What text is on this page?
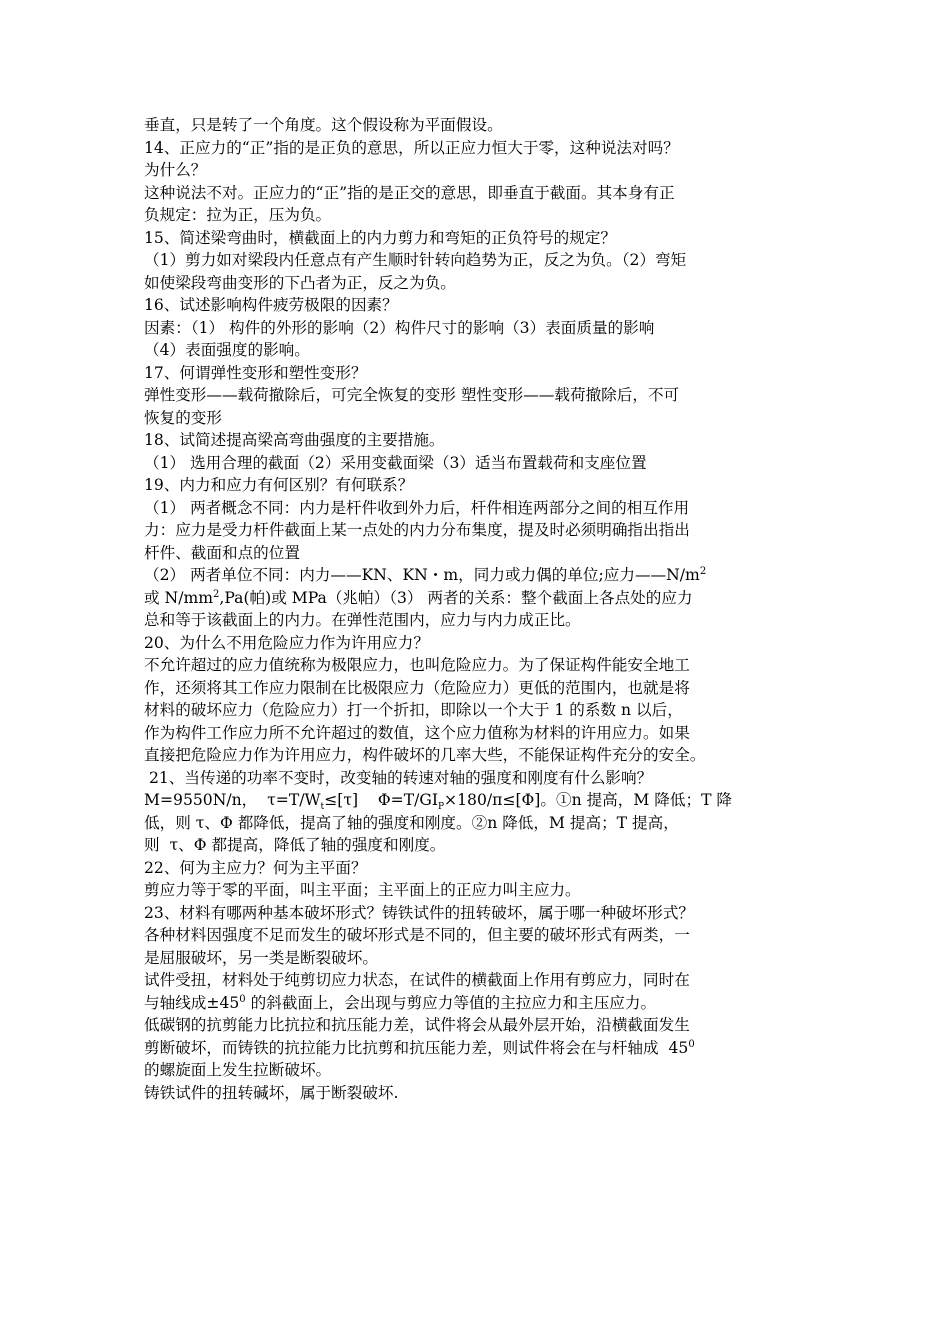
垂直，只是转了一个角度。这个假设称为平面假设。
14、正应力的“正”指的是正负的意思，所以正应力恒大于零，这种说法对吗？
为什么？
这种说法不对。正应力的“正”指的是正交的意思，即垂直于截面。其本身有正
负规定：拉为正，压为负。
15、简述梁弯曲时，横截面上的内力剪力和弯矩的正负符号的规定？
（1）剪力如对梁段内任意点有产生顺时针转向趋势为正，反之为负。（2）弯矩
如使梁段弯曲变形的下凸者为正，反之为负。
16、试述影响构件疲劳极限的因素？
因素：（1） 构件的外形的影响（2）构件尺寸的影响（3）表面质量的影响
（4）表面强度的影响。
17、何谓弹性变形和塑性变形？
弹性变形——载荷撤除后，可完全恢复的变形 塑性变形——载荷撤除后，不可
恢复的变形
18、试简述提高梁高弯曲强度的主要措施。
（1） 选用合理的截面（2）采用变截面梁（3）适当布置载荷和支座位置
19、内力和应力有何区别？有何联系？
（1） 两者概念不同：内力是杆件收到外力后，杆件相连两部分之间的相互作用
力：应力是受力杆件截面上某一点处的内力分布集度，提及时必须明确指出指出
杆件、截面和点的位置
（2） 两者单位不同：内力——KN、KN・m，同力或力偶的单位;应力$——N/m^2$
或 $N/mm^2,Pa$(帕)或 MPa（兆帕）（3） 两者的关系：整个截面上各点处的应力
总和等于该截面上的内力。在弹性范围内，应力与内力成正比。
20、为什么不用危险应力作为许用应力？
不允许超过的应力值统称为极限应力，也叫危险应力。为了保证构件能安全地工
作，还须将其工作应力限制在比极限应力（危险应力）更低的范围内，也就是将
材料的破坏应力（危险应力）打一个折扣，即除以一个大于 1 的系数 n 以后，
作为构件工作应力所不允许超过的数值，这个应力值称为材料的许用应力。如果
直接把危险应力作为许用应力，构件破坏的几率大些，不能保证构件充分的安全。
21、当传递的功率不变时，改变轴的转速对轴的强度和刚度有什么影响？
M=9550N/n，  $\tau=T/W_t\le[\tau]$    $\Phi=T/GI_P\times 180/\pi\le[\Phi]$。①n 提高，M 降低；T 降
低，则 τ、Φ 都降低，提高了轴的强度和刚度。②n 降低，M 提高；T 提高，
则  τ、Φ 都提高，降低了轴的强度和刚度。
22、何为主应力？何为主平面？
剪应力等于零的平面，叫主平面；主平面上的正应力叫主应力。
23、材料有哪两种基本破坏形式？铸铁试件的扭转破坏，属于哪一种破坏形式？
各种材料因强度不足而发生的破坏形式是不同的，但主要的破坏形式有两类，一
是屈服破坏，另一类是断裂破坏。
试件受扭，材料处于纯剪切应力状态，在试件的横截面上作用有剪应力，同时在
与轴线成$\pm 45^0$ 的斜截面上，会出现与剪应力等值的主拉应力和主压应力。
低碳钢的抗剪能力比抗拉和抗压能力差，试件将会从最外层开始，沿横截面发生
剪断破坏，而铸铁的抗拉能力比抗剪和抗压能力差，则试件将会在与杆轴成  $45^0$
的螺旋面上发生拉断破坏。
铸铁试件的扭转碱坏，属于断裂破坏.
